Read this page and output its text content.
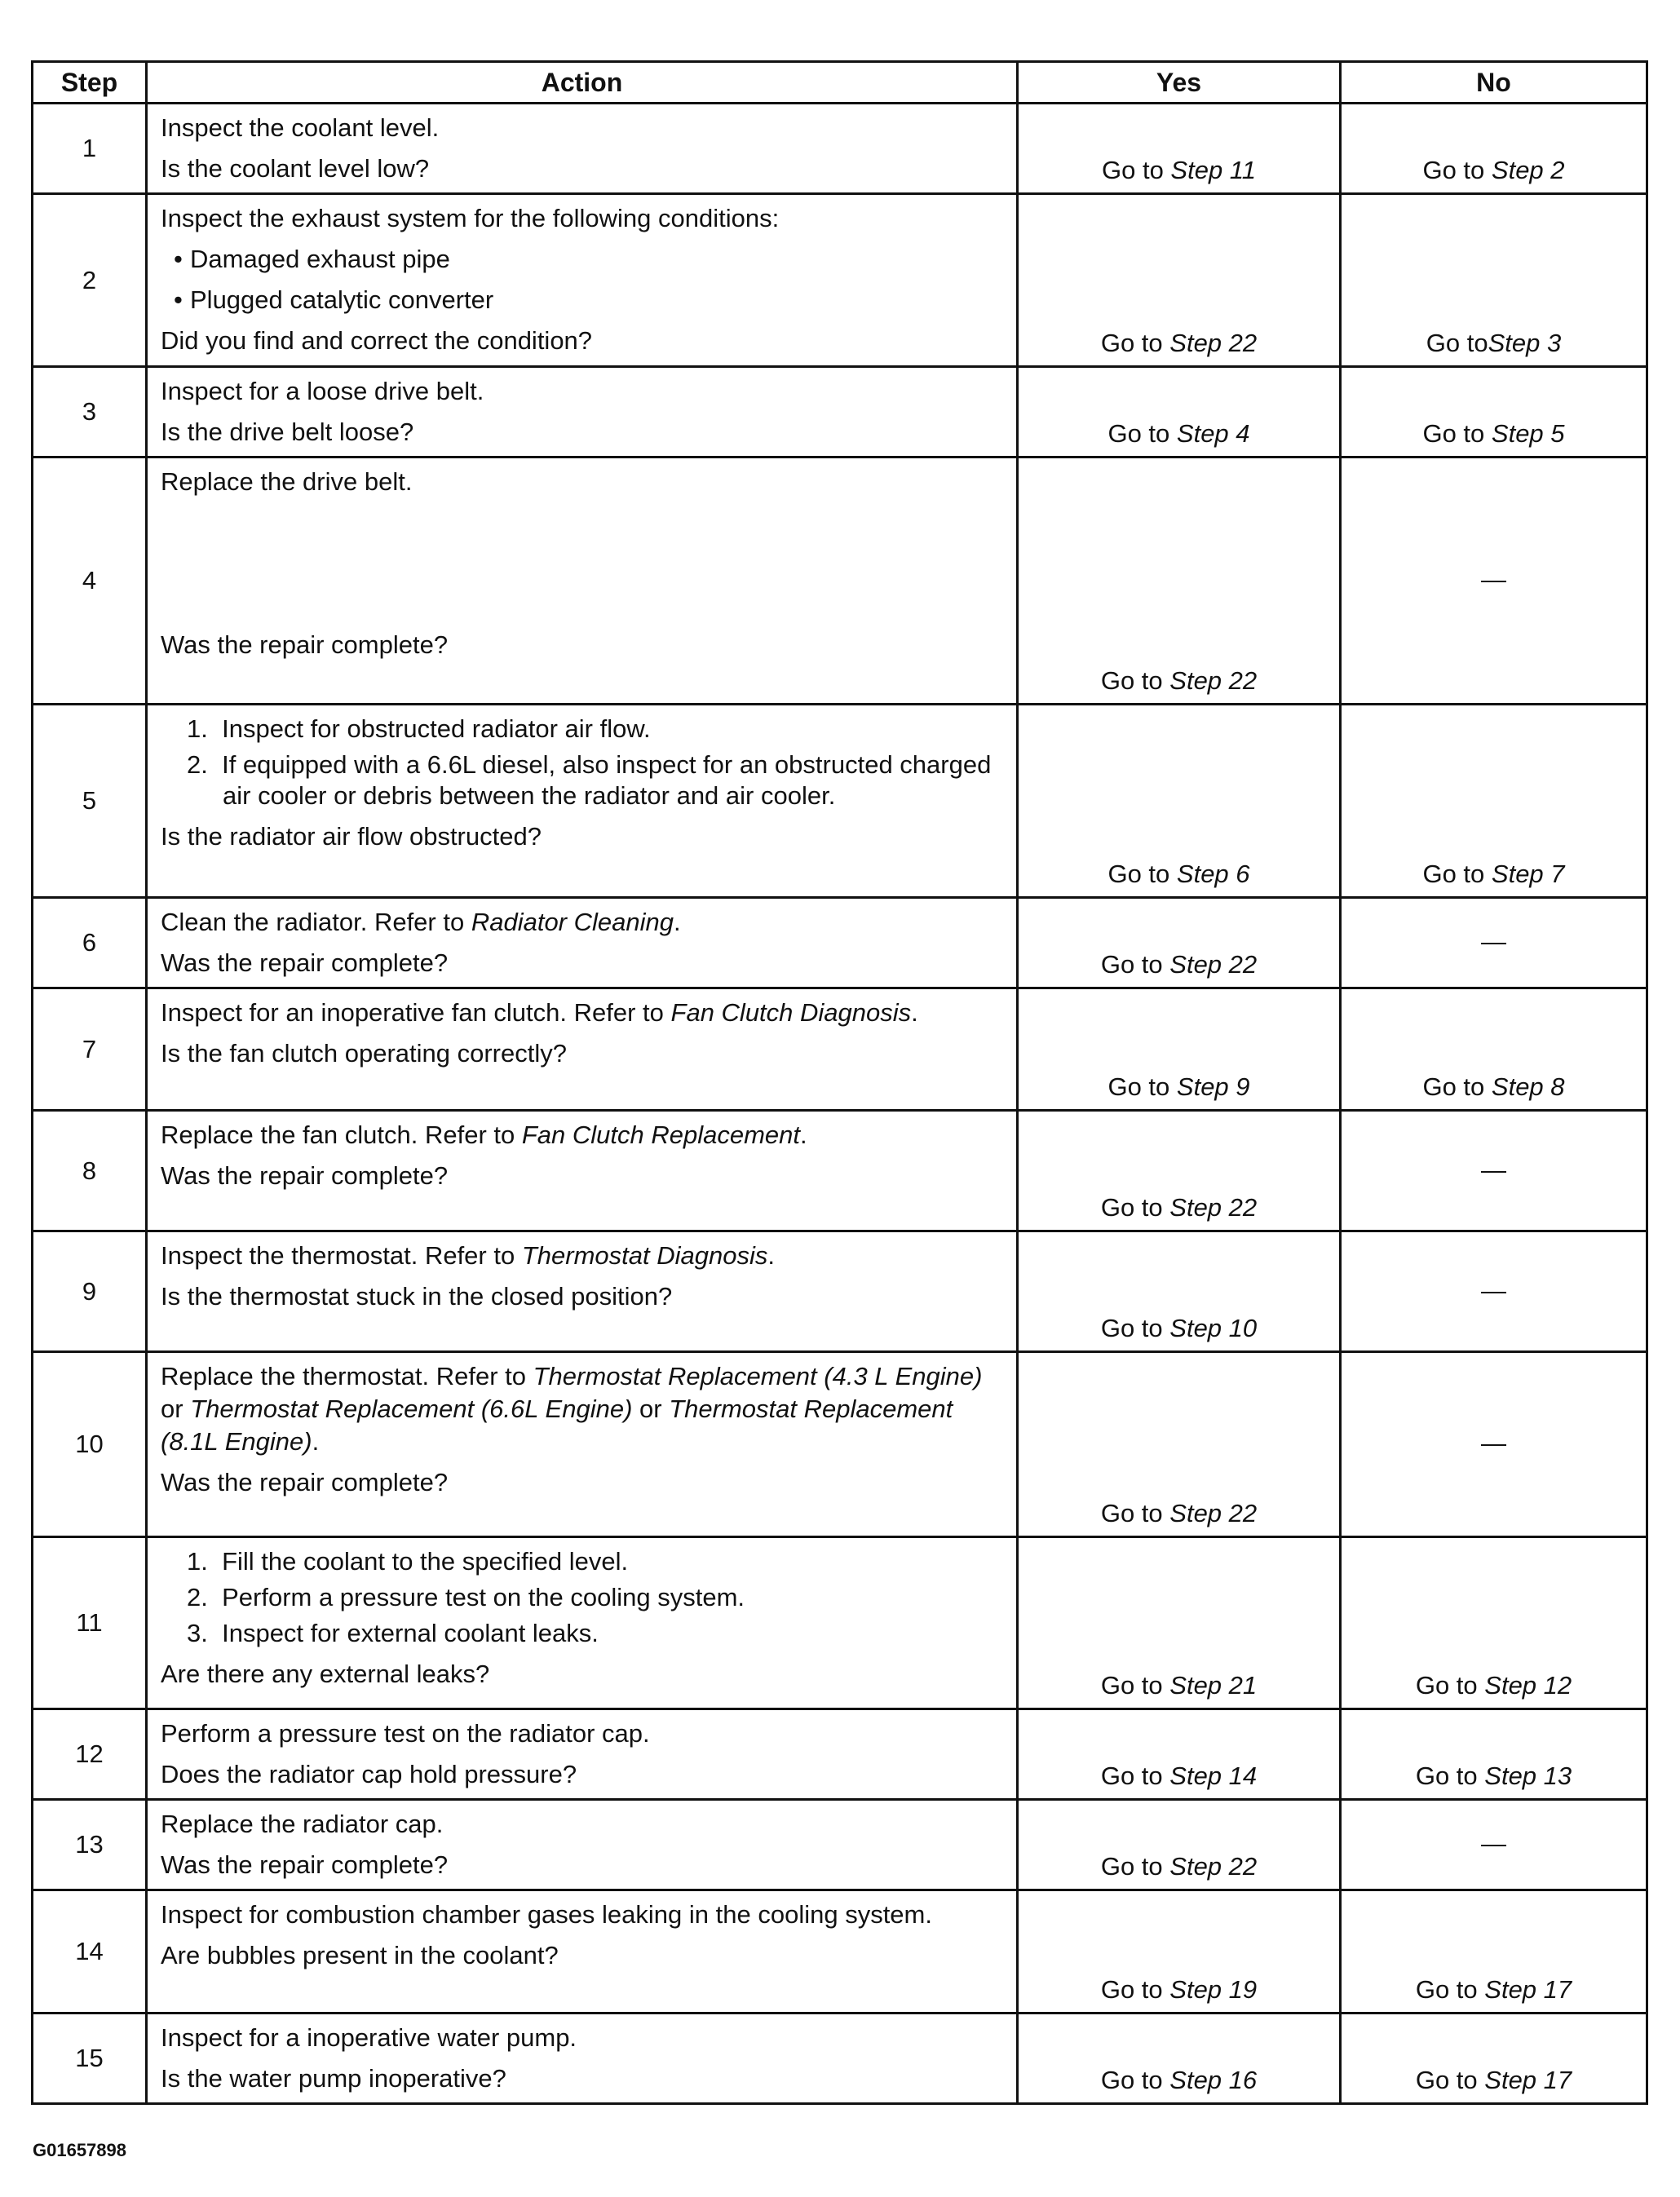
Step	Action	Yes	No
1	Inspect the coolant level.
Is the coolant level low?	Go to Step 11	Go to Step 2
2	Inspect the exhaust system for the following conditions:
• Damaged exhaust pipe
• Plugged catalytic converter
Did you find and correct the condition?	Go to Step 22	Go toStep 3
3	Inspect for a loose drive belt.
Is the drive belt loose?	Go to Step 4	Go to Step 5
4	Replace the drive belt.
Was the repair complete?	Go to Step 22	—
5	1. Inspect for obstructed radiator air flow.
2. If equipped with a 6.6L diesel, also inspect for an obstructed charged air cooler or debris between the radiator and air cooler.
Is the radiator air flow obstructed?	Go to Step 6	Go to Step 7
6	Clean the radiator. Refer to Radiator Cleaning.
Was the repair complete?	Go to Step 22	—
7	Inspect for an inoperative fan clutch. Refer to Fan Clutch Diagnosis.
Is the fan clutch operating correctly?	Go to Step 9	Go to Step 8
8	Replace the fan clutch. Refer to Fan Clutch Replacement.
Was the repair complete?	Go to Step 22	—
9	Inspect the thermostat. Refer to Thermostat Diagnosis.
Is the thermostat stuck in the closed position?	Go to Step 10	—
10	Replace the thermostat. Refer to Thermostat Replacement (4.3 L Engine) or Thermostat Replacement (6.6L Engine) or Thermostat Replacement (8.1L Engine).
Was the repair complete?	Go to Step 22	—
11	1. Fill the coolant to the specified level.
2. Perform a pressure test on the cooling system.
3. Inspect for external coolant leaks.
Are there any external leaks?	Go to Step 21	Go to Step 12
12	Perform a pressure test on the radiator cap.
Does the radiator cap hold pressure?	Go to Step 14	Go to Step 13
13	Replace the radiator cap.
Was the repair complete?	Go to Step 22	—
14	Inspect for combustion chamber gases leaking in the cooling system.
Are bubbles present in the coolant?	Go to Step 19	Go to Step 17
15	Inspect for a inoperative water pump.
Is the water pump inoperative?	Go to Step 16	Go to Step 17
G01657898
